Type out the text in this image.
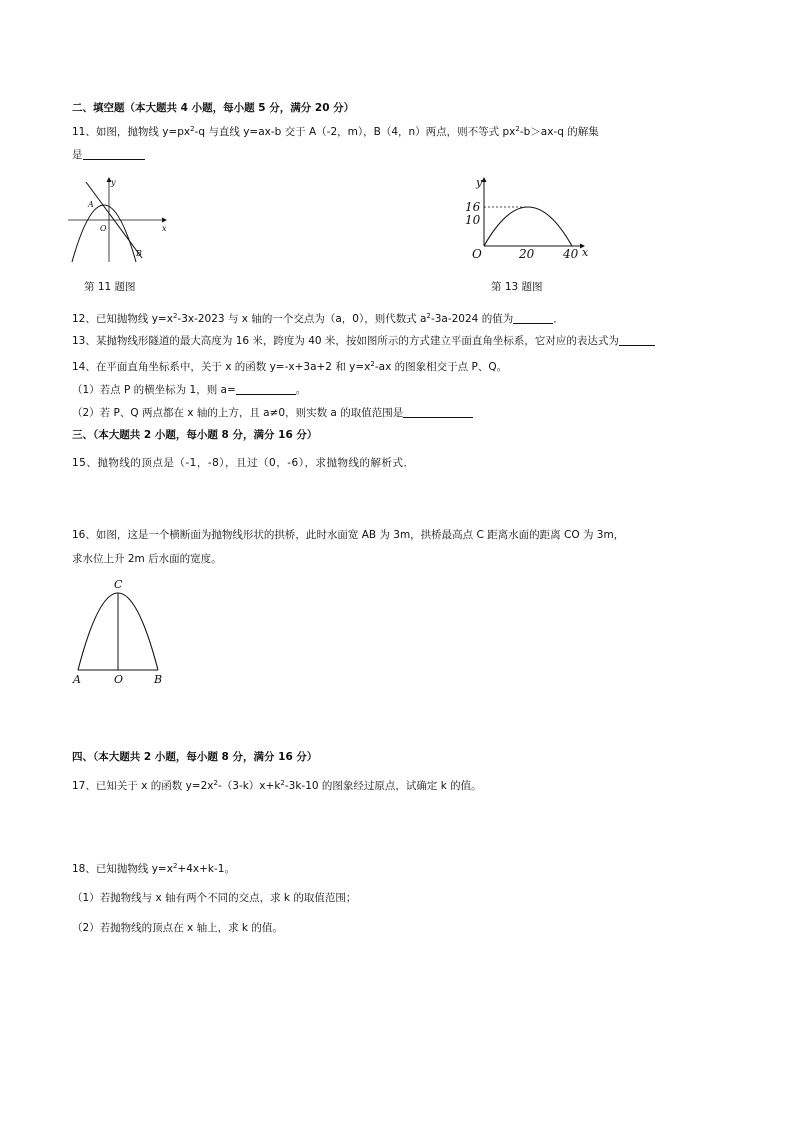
二、填空题（本大题共 4 小题，每小题 5 分，满分 20 分）
11、如图，抛物线 $y=px^2-q$ 与直线 y=ax-b 交于 A（-2，m），B（4，n）两点，则不等式 $px^2-b>ax-q$ 的解集
是
y
A
O	x
B
第 11 题图
y
16
10
O	20 40 x
第 13 题图
12、已知抛物线 $y=x^2-3x-2023$ 与 x 轴的一个交点为（a，0），则代数式 $a^2-3a-2024$ 的值为	．
13、某抛物线形隧道的最大高度为 16 米，跨度为 40 米，按如图所示的方式建立平面直角坐标系，它对应的表达式为
14、在平面直角坐标系中，关于 x 的函数 y=-x+3a+2 和 $y=x^2-ax$ 的图象相交于点 P、Q。
（1）若点 P 的横坐标为 1，则 a=	。
（2）若 P、Q 两点都在 x 轴的上方，且 a≠0，则实数 a 的取值范围是
三、（本大题共 2 小题，每小题 8 分，满分 16 分）
15、抛物线的顶点是（-1，-8），且过（0，-6），求抛物线的解析式．
16、如图，这是一个横断面为抛物线形状的拱桥，此时水面宽 AB 为 3m，拱桥最高点 C 距离水面的距离 CO 为 3m，
求水位上升 2m 后水面的宽度。
C
A	O	B
四、（本大题共 2 小题，每小题 8 分，满分 16 分）
17、已知关于 x 的函数 $y=2x^2-(3-k)x+k^2-3k-10$ 的图象经过原点，试确定 k 的值。
18、已知抛物线 $y=x^2+4x+k-1$。
（1）若抛物线与 x 轴有两个不同的交点，求 k 的取值范围；
（2）若抛物线的顶点在 x 轴上，求 k 的值。
